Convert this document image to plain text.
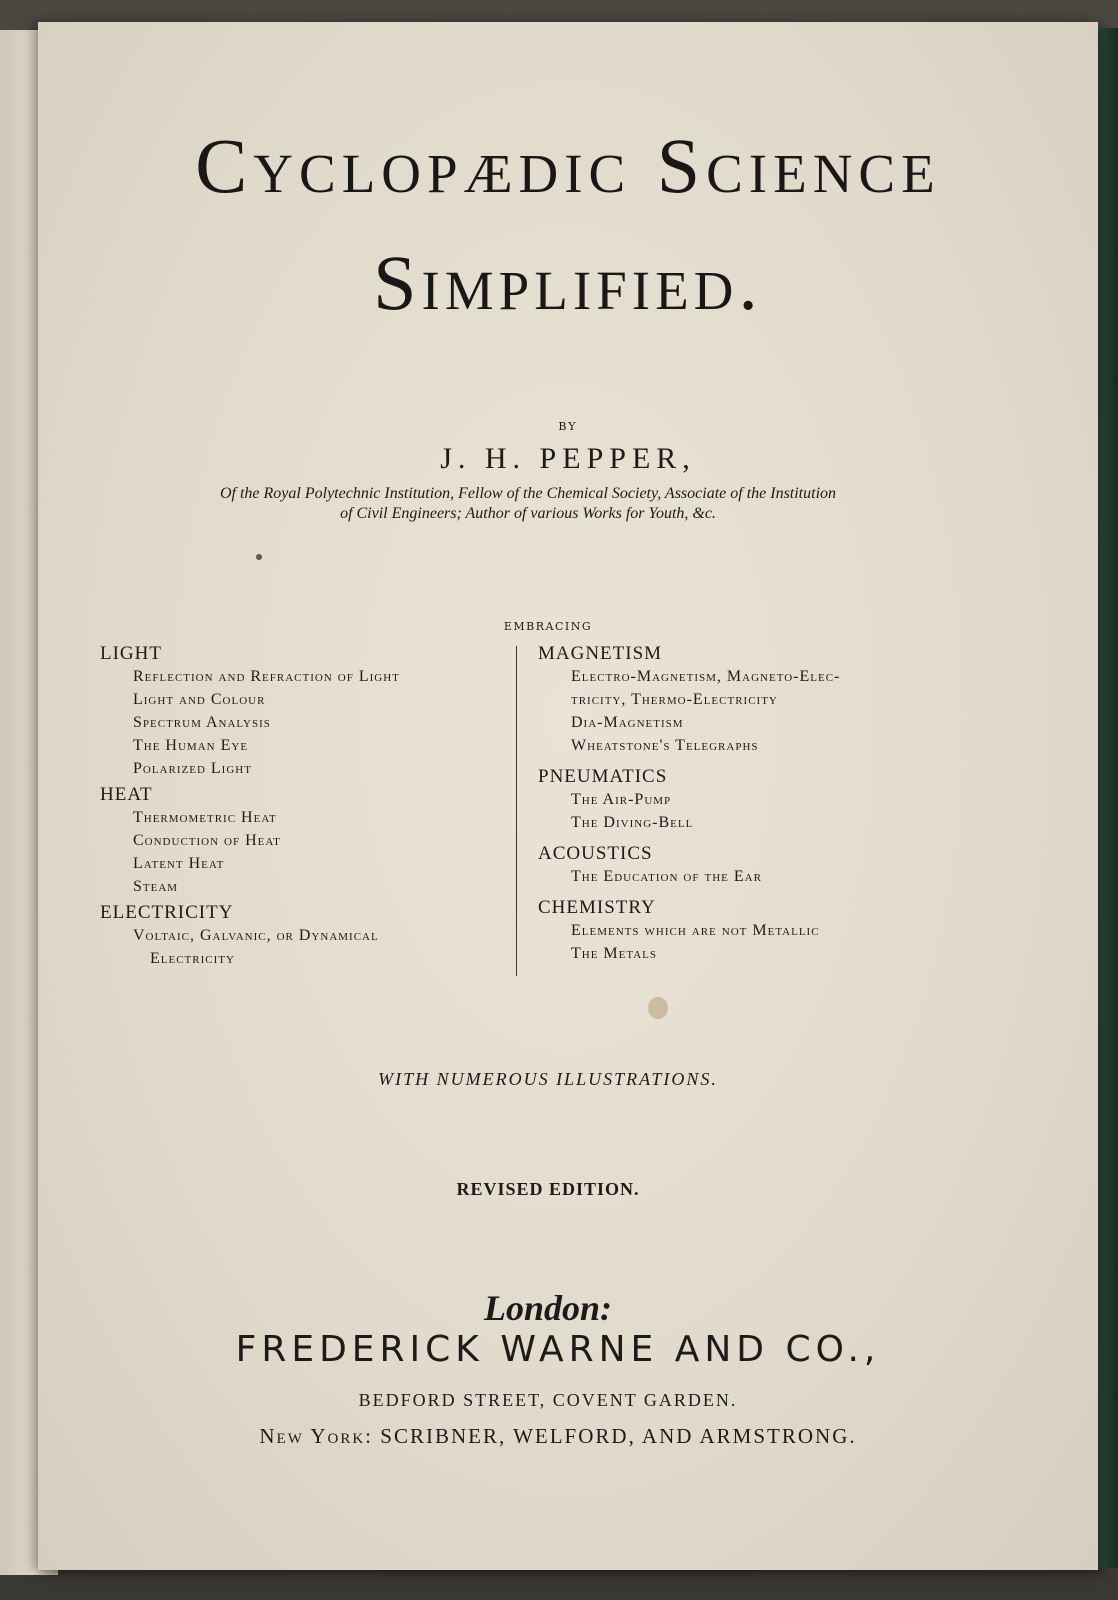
Cyclopædic Science
Simplified.
BY
J. H. PEPPER,
Of the Royal Polytechnic Institution, Fellow of the Chemical Society, Associate of the Institution
of Civil Engineers; Author of various Works for Youth, &c.
EMBRACING
LIGHT
Reflection and Refraction of Light
Light and Colour
Spectrum Analysis
The Human Eye
Polarized Light
HEAT
Thermometric Heat
Conduction of Heat
Latent Heat
Steam
ELECTRICITY
Voltaic, Galvanic, or Dynamical
Electricity
MAGNETISM
Electro-Magnetism, Magneto-Elec-
tricity, Thermo-Electricity
Dia-Magnetism
Wheatstone's Telegraphs
PNEUMATICS
The Air-Pump
The Diving-Bell
ACOUSTICS
The Education of the Ear
CHEMISTRY
Elements which are not Metallic
The Metals
WITH NUMEROUS ILLUSTRATIONS.
REVISED EDITION.
London:
FREDERICK WARNE AND CO.,
BEDFORD STREET, COVENT GARDEN.
New York: SCRIBNER, WELFORD, AND ARMSTRONG.
